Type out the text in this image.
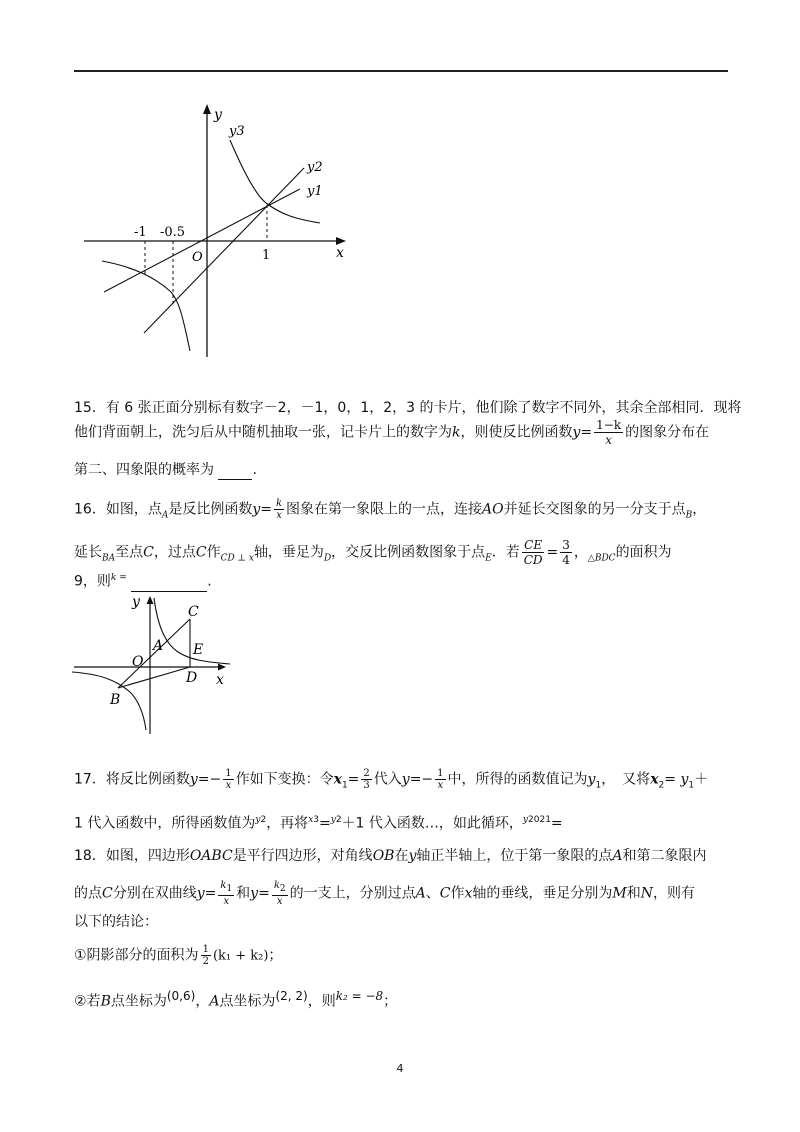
y
x
O
-1 -0.5
1
y3
y2
y1
15．有 6 张正面分别标有数字－2，－1，0，1，2，3 的卡片，他们除了数字不同外，其余全部相同．现将
他们背面朝上，洗匀后从中随机抽取一张，记卡片上的数字为k，则使反比例函数$y= \frac{1-k}{x}$ 的图象分布在
第二、四象限的概率为	.
16．如图，点$_A$是反比例函数$y= \frac{k}{x}$ 图象在第一象限上的一点，连接AO并延长交图象的另一分支于点$_B$，
延长$_{BA}$至点C，过点C作$_{CD \perp x}$轴，垂足为$_D$，交反比例函数图象于点$_E$．若 $\frac{CE}{CD} = \frac{3}{4}$ ，$_{\triangle BDC}$的面积为
9，则$^{k =}$	.
y
x
O
A
B
C
D
E
17．将反比例函数$y=- \frac{1}{x}$ 作如下变换：令$x_1= \frac{2}{3}$ 代入$y=- \frac{1}{x}$ 中，所得的函数值记为$y_1$，　又将$x_2= y_1+$
1 代入函数中，所得函数值为$^{y2}$，再将$^{x3}$=$^{y2}$＋1 代入函数…，如此循环，$^{y2021}$=
18．如图，四边形OABC是平行四边形，对角线OB在y轴正半轴上，位于第一象限的点A和第二象限内
的点C分别在双曲线$y= \frac{k_1}{x}$ 和$y= \frac{k_2}{x}$ 的一支上，分别过点A、C作x轴的垂线，垂足分别为M和N，则有
以下的结论：
①阴影部分的面积为 $\frac{1}{2} (k_1 + k_2)$；
②若B点坐标为$^{(0,6)}$，A点坐标为$^{(2, 2)}$，则$^{k_2 = -8}$；
4
